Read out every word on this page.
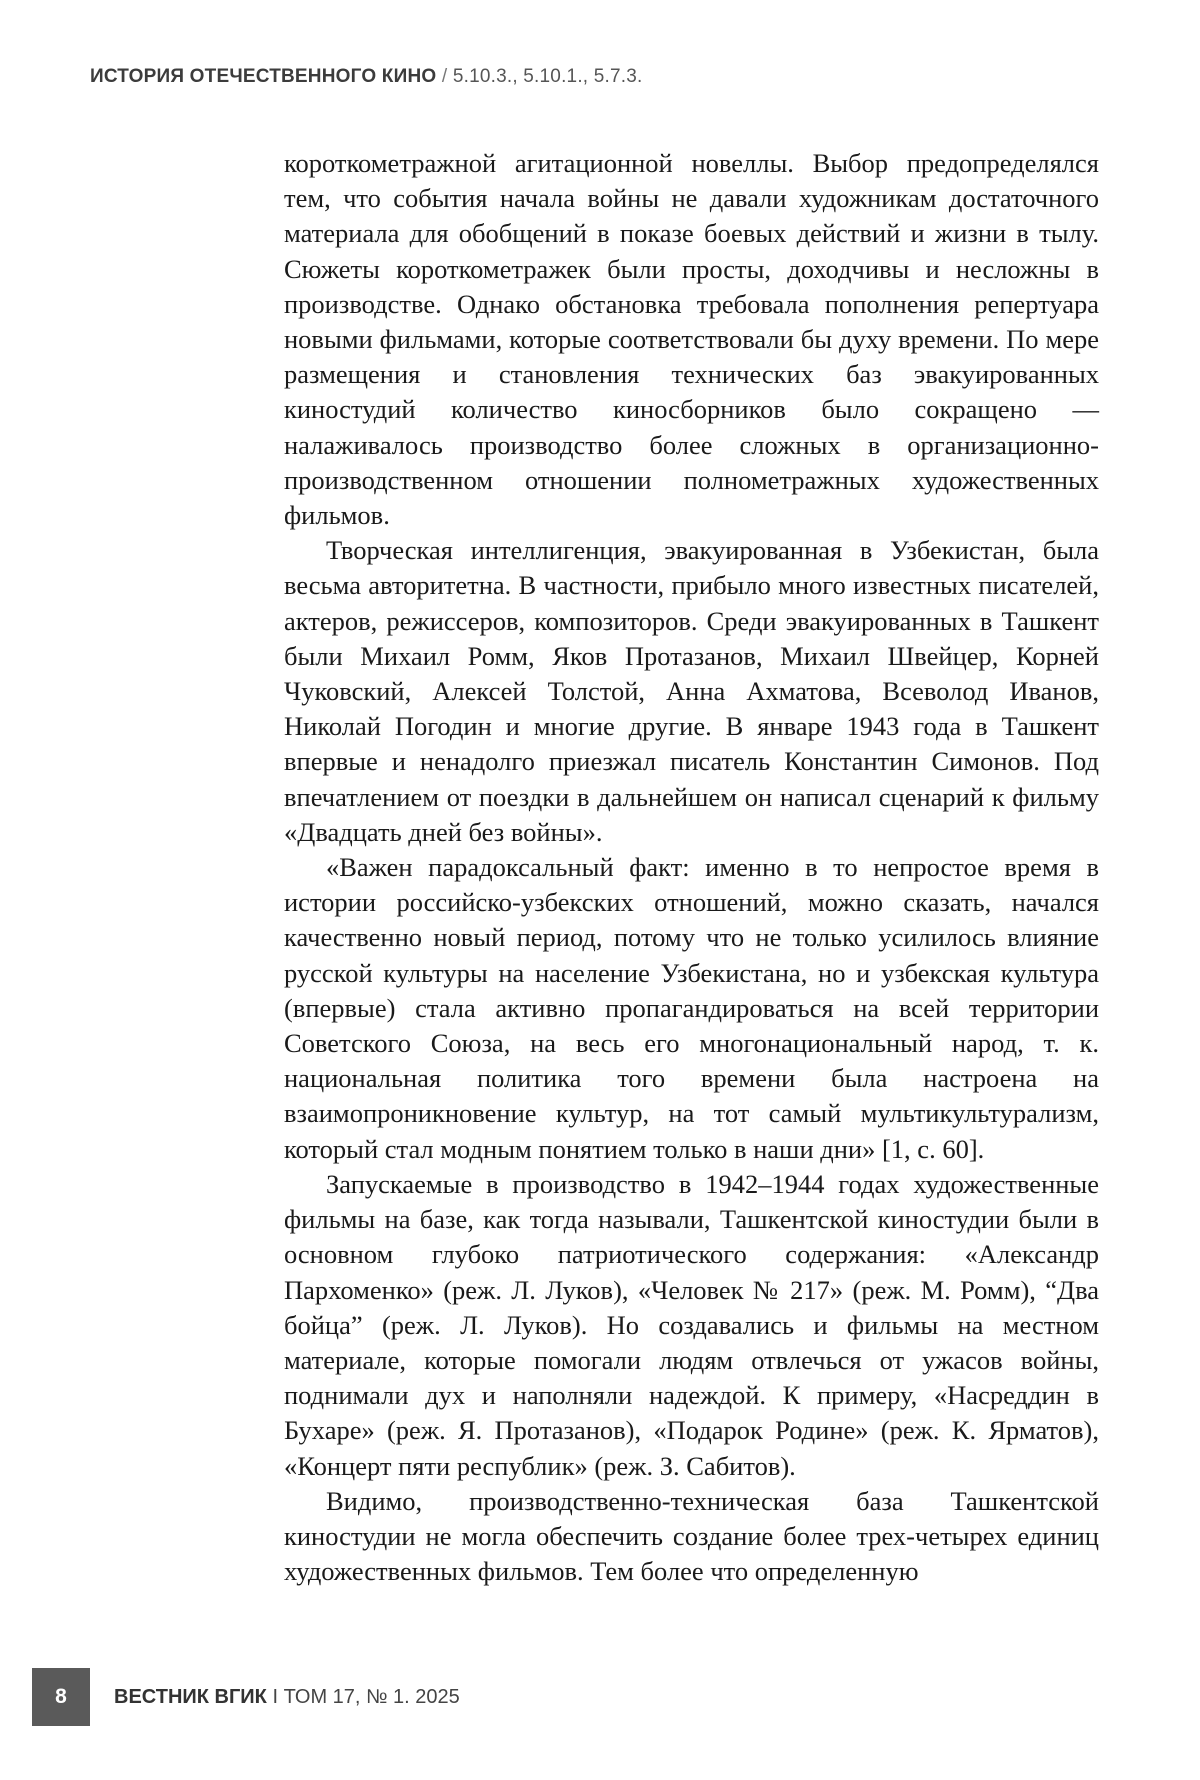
ИСТОРИЯ ОТЕЧЕСТВЕННОГО КИНО / 5.10.3., 5.10.1., 5.7.3.

короткометражной агитационной новеллы. Выбор предопределялся тем, что события начала войны не давали художникам достаточного материала для обобщений в показе боевых действий и жизни в тылу. Сюжеты короткометражек были просты, доходчивы и несложны в производстве. Однако обстановка требовала пополнения репертуара новыми фильмами, которые соответствовали бы духу времени. По мере размещения и становления технических баз эвакуированных киностудий количество киносборников было сокращено — налаживалось производство более сложных в организационно-производственном отношении полнометражных художественных фильмов.

Творческая интеллигенция, эвакуированная в Узбекистан, была весьма авторитетна. В частности, прибыло много известных писателей, актеров, режиссеров, композиторов. Среди эвакуированных в Ташкент были Михаил Ромм, Яков Протазанов, Михаил Швейцер, Корней Чуковский, Алексей Толстой, Анна Ахматова, Всеволод Иванов, Николай Погодин и многие другие. В январе 1943 года в Ташкент впервые и ненадолго приезжал писатель Константин Симонов. Под впечатлением от поездки в дальнейшем он написал сценарий к фильму «Двадцать дней без войны».

«Важен парадоксальный факт: именно в то непростое время в истории российско-узбекских отношений, можно сказать, начался качественно новый период, потому что не только усилилось влияние русской культуры на население Узбекистана, но и узбекская культура (впервые) стала активно пропагандироваться на всей территории Советского Союза, на весь его многонациональный народ, т. к. национальная политика того времени была настроена на взаимопроникновение культур, на тот самый мультикультурализм, который стал модным понятием только в наши дни» [1, с. 60].

Запускаемые в производство в 1942–1944 годах художественные фильмы на базе, как тогда называли, Ташкентской киностудии были в основном глубоко патриотического содержания: «Александр Пархоменко» (реж. Л. Луков), «Человек № 217» (реж. М. Ромм), “Два бойца” (реж. Л. Луков). Но создавались и фильмы на местном материале, которые помогали людям отвлечься от ужасов войны, поднимали дух и наполняли надеждой. К примеру, «Насреддин в Бухаре» (реж. Я. Протазанов), «Подарок Родине» (реж. К. Ярматов), «Концерт пяти республик» (реж. З. Сабитов).

Видимо, производственно-техническая база Ташкентской киностудии не могла обеспечить создание более трех-четырех единиц художественных фильмов. Тем более что определенную

8	ВЕСТНИК ВГИК I ТОМ 17, № 1. 2025
